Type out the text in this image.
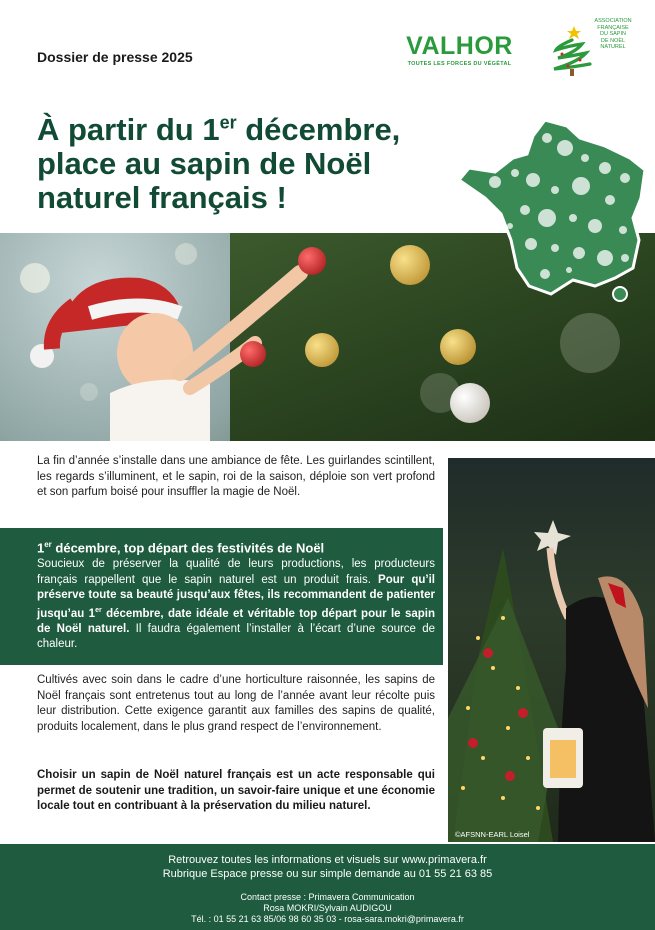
Dossier de presse 2025	VALHOR
TOUTES LES FORCES DU VÉGÉTAL
ASSOCIATION
FRANÇAISE
DU SAPIN
DE NOËL
NATUREL
À partir du 1er décembre,
place au sapin de Noël
naturel français !

La fin d’année s’installe dans une ambiance de fête. Les guirlandes scintillent, les regards s’illuminent, et le sapin, roi de la saison, déploie son vert profond et son parfum boisé pour insuffler la magie de Noël.

1er décembre, top départ des festivités de Noël

Soucieux de préserver la qualité de leurs productions, les producteurs français rappellent que le sapin naturel est un produit frais. Pour qu’il préserve toute sa beauté jusqu’aux fêtes, ils recommandent de patienter jusqu’au 1er décembre, date idéale et véritable top départ pour le sapin de Noël naturel. Il faudra également l’installer à l’écart d’une source de chaleur.

Cultivés avec soin dans le cadre d’une horticulture raisonnée, les sapins de Noël français sont entretenus tout au long de l’année avant leur récolte puis leur distribution. Cette exigence garantit aux familles des sapins de qualité, produits localement, dans le plus grand respect de l’environnement.

Choisir un sapin de Noël naturel français est un acte responsable qui permet de soutenir une tradition, un savoir-faire unique et une économie locale tout en contribuant à la préservation du milieu naturel.

©AFSNN-EARL Loisel
Retrouvez toutes les informations et visuels sur www.primavera.fr
Rubrique Espace presse ou sur simple demande au 01 55 21 63 85
Contact presse : Primavera Communication
Rosa MOKRI/Sylvain AUDIGOU
Tél. : 01 55 21 63 85/06 98 60 35 03 - rosa-sara.mokri@primavera.fr
